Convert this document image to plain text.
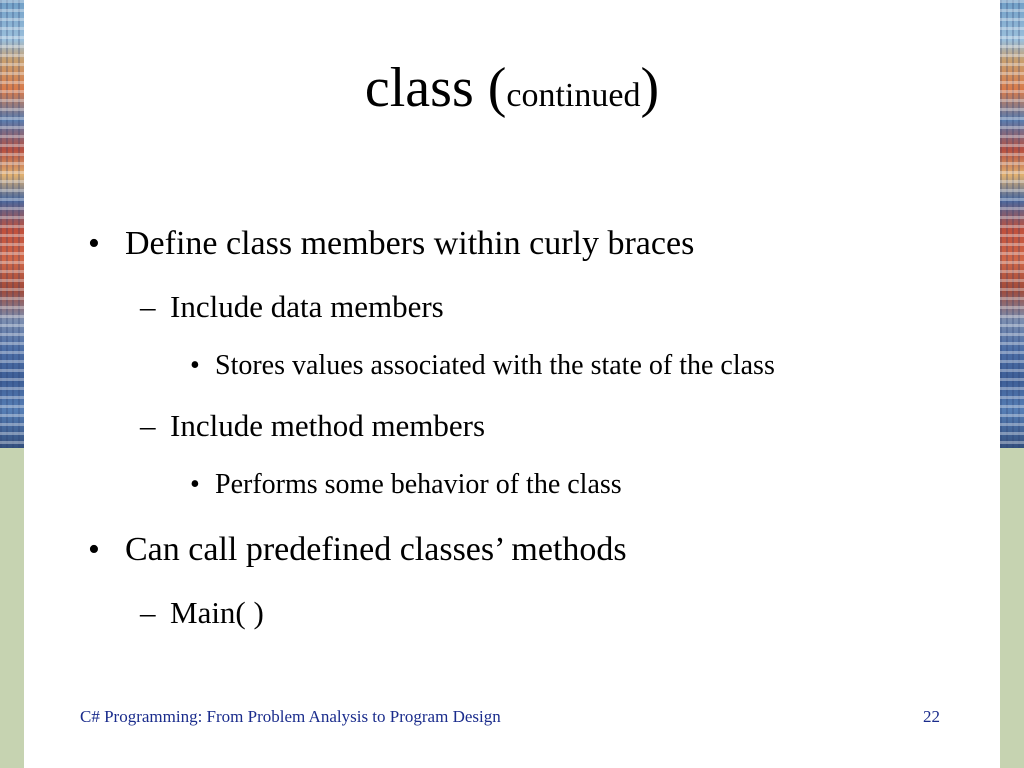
class (continued)
• Define class members within curly braces
– Include data members
• Stores values associated with the state of the class
– Include method members
• Performs some behavior of the class
• Can call predefined classes’ methods
– Main( )
C# Programming: From Problem Analysis to Program Design	22
